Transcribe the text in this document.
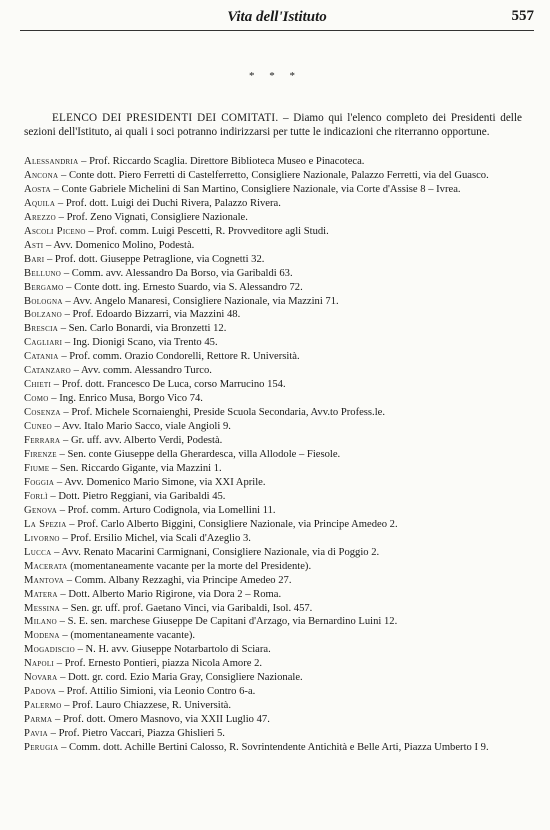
Vita dell'Istituto	557
* * *

ELENCO DEI PRESIDENTI DEI COMITATI. – Diamo qui l'elenco completo dei Presidenti delle sezioni dell'Istituto, ai quali i soci potranno indirizzarsi per tutte le indicazioni che riterranno opportune.

Alessandria – Prof. Riccardo Scaglia. Direttore Biblioteca Museo e Pinacoteca.
Ancona – Conte dott. Piero Ferretti di Castelferretto, Consigliere Nazionale, Palazzo Ferretti, via del Guasco.
Aosta – Conte Gabriele Michelini di San Martino, Consigliere Nazionale, via Corte d'Assise 8 – Ivrea.
Aquila – Prof. dott. Luigi dei Duchi Rivera, Palazzo Rivera.
Arezzo – Prof. Zeno Vignati, Consigliere Nazionale.
Ascoli Piceno – Prof. comm. Luigi Pescetti, R. Provveditore agli Studi.
Asti – Avv. Domenico Molino, Podestà.
Bari – Prof. dott. Giuseppe Petraglione, via Cognetti 32.
Belluno – Comm. avv. Alessandro Da Borso, via Garibaldi 63.
Bergamo – Conte dott. ing. Ernesto Suardo, via S. Alessandro 72.
Bologna – Avv. Angelo Manaresi, Consigliere Nazionale, via Mazzini 71.
Bolzano – Prof. Edoardo Bizzarri, via Mazzini 48.
Brescia – Sen. Carlo Bonardi, via Bronzetti 12.
Cagliari – Ing. Dionigi Scano, via Trento 45.
Catania – Prof. comm. Orazio Condorelli, Rettore R. Università.
Catanzaro – Avv. comm. Alessandro Turco.
Chieti – Prof. dott. Francesco De Luca, corso Marrucino 154.
Como – Ing. Enrico Musa, Borgo Vico 74.
Cosenza – Prof. Michele Scornaienghi, Preside Scuola Secondaria, Avv.to Profess.le.
Cuneo – Avv. Italo Mario Sacco, viale Angioli 9.
Ferrara – Gr. uff. avv. Alberto Verdi, Podestà.
Firenze – Sen. conte Giuseppe della Gherardesca, villa Allodole – Fiesole.
Fiume – Sen. Riccardo Gigante, via Mazzini 1.
Foggia – Avv. Domenico Mario Simone, via XXI Aprile.
Forlì – Dott. Pietro Reggiani, via Garibaldi 45.
Genova – Prof. comm. Arturo Codignola, via Lomellini 11.
La Spezia – Prof. Carlo Alberto Biggini, Consigliere Nazionale, via Principe Amedeo 2.
Livorno – Prof. Ersilio Michel, via Scali d'Azeglio 3.
Lucca – Avv. Renato Macarini Carmignani, Consigliere Nazionale, via di Poggio 2.
Macerata (momentaneamente vacante per la morte del Presidente).
Mantova – Comm. Albany Rezzaghi, via Principe Amedeo 27.
Matera – Dott. Alberto Mario Rigirone, via Dora 2 – Roma.
Messina – Sen. gr. uff. prof. Gaetano Vinci, via Garibaldi, Isol. 457.
Milano – S. E. sen. marchese Giuseppe De Capitani d'Arzago, via Bernardino Luini 12.
Modena – (momentaneamente vacante).
Mogadiscio – N. H. avv. Giuseppe Notarbartolo di Sciara.
Napoli – Prof. Ernesto Pontieri, piazza Nicola Amore 2.
Novara – Dott. gr. cord. Ezio Maria Gray, Consigliere Nazionale.
Padova – Prof. Attilio Simioni, via Leonio Contro 6-a.
Palermo – Prof. Lauro Chiazzese, R. Università.
Parma – Prof. dott. Omero Masnovo, via XXII Luglio 47.
Pavia – Prof. Pietro Vaccari, Piazza Ghislieri 5.
Perugia – Comm. dott. Achille Bertini Calosso, R. Sovrintendente Antichità e Belle Arti, Piazza Umberto I 9.
